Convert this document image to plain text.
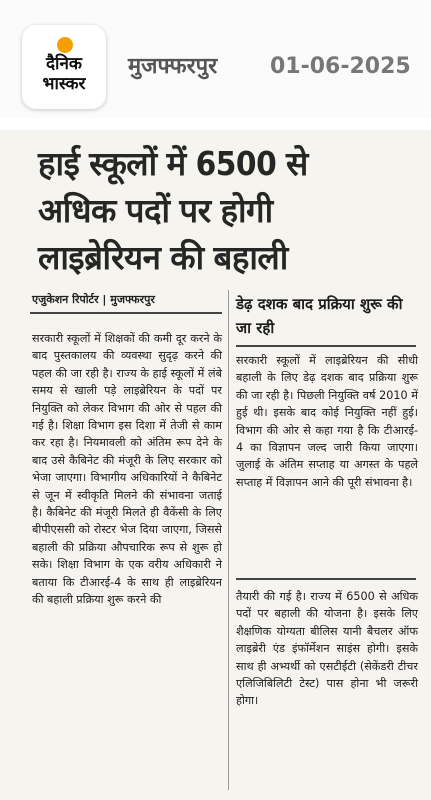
दैनिक
भास्कर
मुजफ्फरपुर 01-06-2025
हाई स्कूलों में 6500 से
अधिक पदों पर होगी
लाइब्रेरियन की बहाली
एजुकेशन रिपोर्टर | मुजफ्फरपुर	डेढ़ दशक बाद प्रक्रिया शुरू की जा रही
सरकारी स्कूलों में शिक्षकों की कमी दूर करने के बाद पुस्तकालय की व्यवस्था सुदृढ़ करने की पहल की जा रही है। राज्य के हाई स्कूलों में लंबे समय से खाली पड़े लाइब्रेरियन के पदों पर नियुक्ति को लेकर विभाग की ओर से पहल की गई है। शिक्षा विभाग इस दिशा में तेजी से काम कर रहा है। नियमावली को अंतिम रूप देने के बाद उसे कैबिनेट की मंजूरी के लिए सरकार को भेजा जाएगा। विभागीय अधिकारियों ने कैबिनेट से जून में स्वीकृति मिलने की संभावना जताई है। कैबिनेट की मंजूरी मिलते ही वैकेंसी के लिए बीपीएससी को रोस्टर भेज दिया जाएगा, जिससे बहाली की प्रक्रिया औपचारिक रूप से शुरू हो सके। शिक्षा विभाग के एक वरीय अधिकारी ने बताया कि टीआरई-4 के साथ ही लाइब्रेरियन की बहाली प्रक्रिया शुरू करने की
सरकारी स्कूलों में लाइब्रेरियन की सीधी बहाली के लिए डेढ़ दशक बाद प्रक्रिया शुरू की जा रही है। पिछली नियुक्ति वर्ष 2010 में हुई थी। इसके बाद कोई नियुक्ति नहीं हुई। विभाग की ओर से कहा गया है कि टीआरई- 4 का विज्ञापन जल्द जारी किया जाएगा। जुलाई के अंतिम सप्ताह या अगस्त के पहले सप्ताह में विज्ञापन आने की पूरी संभावना है।
तैयारी की गई है। राज्य में 6500 से अधिक पदों पर बहाली की योजना है। इसके लिए शैक्षणिक योग्यता बीलिस यानी बैचलर ऑफ लाइब्रेरी एंड इंफॉर्मेशन साइंस होगी। इसके साथ ही अभ्यर्थी को एसटीईटी (सेकेंडरी टीचर एलिजिबिलिटी टेस्ट) पास होना भी जरूरी होगा।
